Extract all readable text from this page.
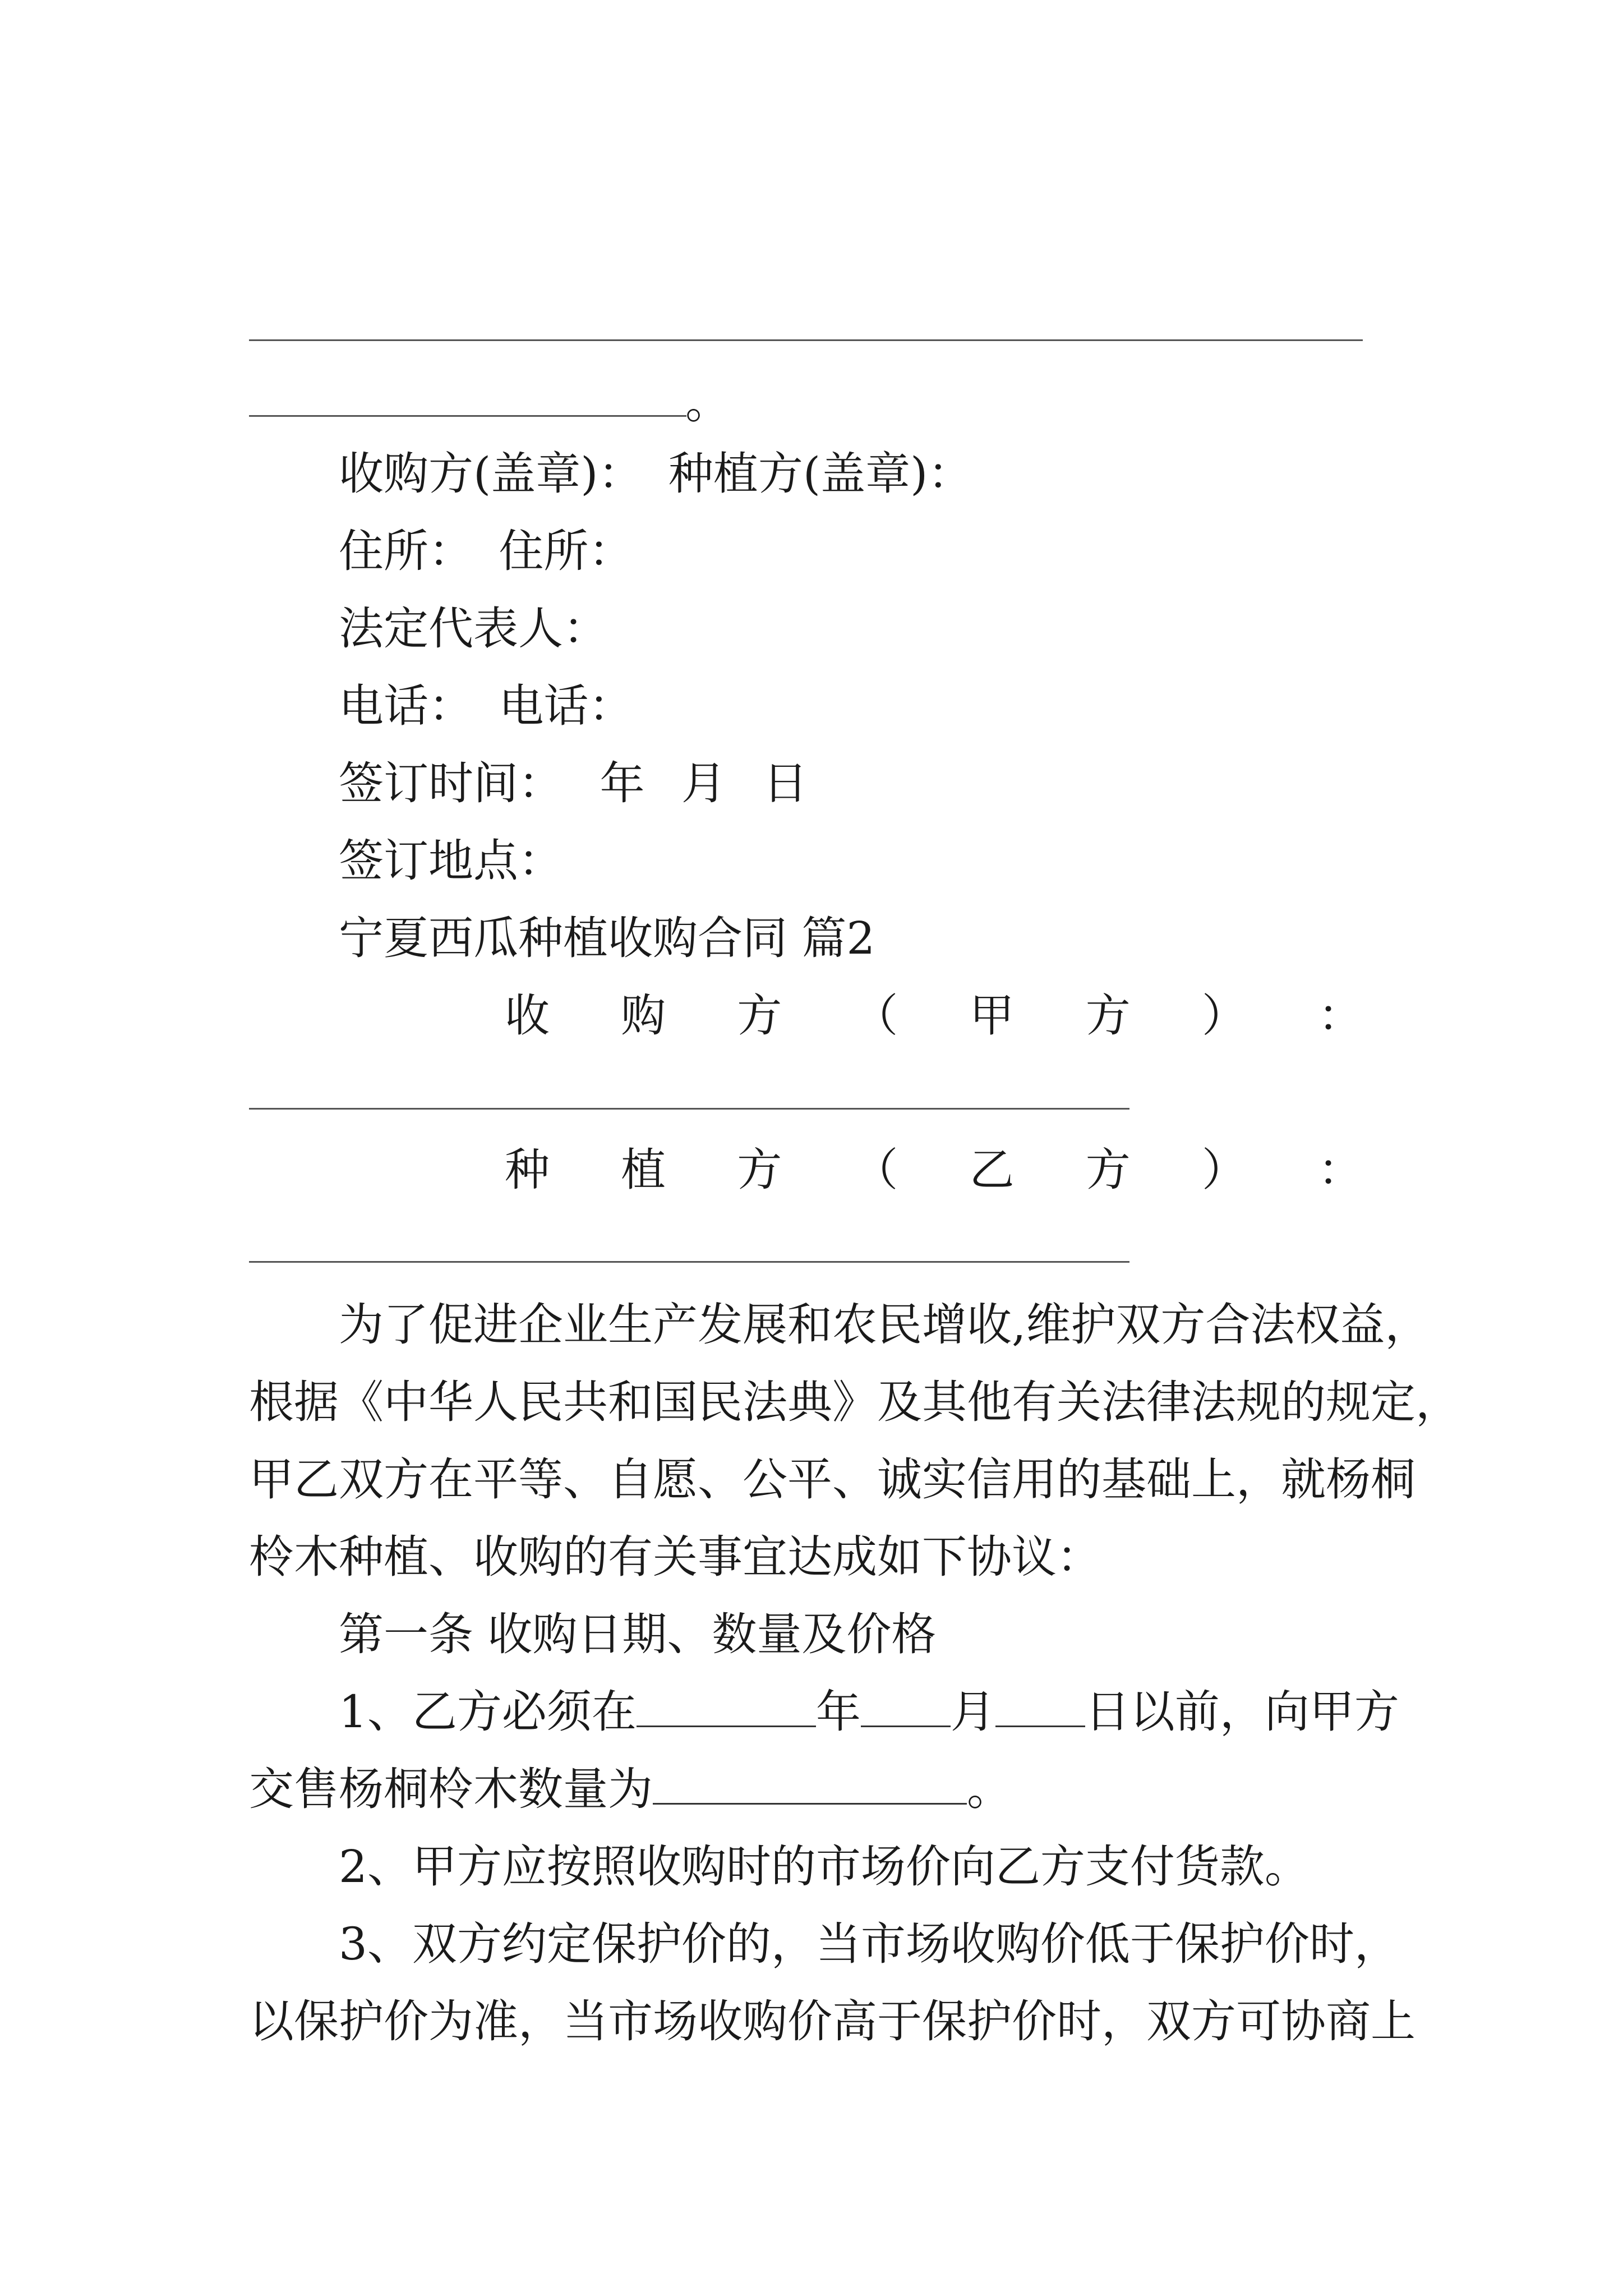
。
收购方(盖章)： 种植方(盖章)：
住所： 住所：
法定代表人：
电话： 电话：
签订时间： 年 月 日
签订地点：
宁夏西瓜种植收购合同 篇2
收 购 方 （ 甲 方 ） ：
种 植 方 （ 乙 方 ） ：
为了促进企业生产发展和农民增收,维护双方合法权益，
根据《中华人民共和国民法典》及其他有关法律法规的规定，
甲乙双方在平等、自愿、公平、诚实信用的基础上，就杨桐
柃木种植、收购的有关事宜达成如下协议：
第一条 收购日期、数量及价格
1、乙方必须在	年 月 日以前，向甲方
交售杨桐柃木数量为	。
2、甲方应按照收购时的市场价向乙方支付货款。
3、双方约定保护价的，当市场收购价低于保护价时，
以保护价为准，当市场收购价高于保护价时，双方可协商上
